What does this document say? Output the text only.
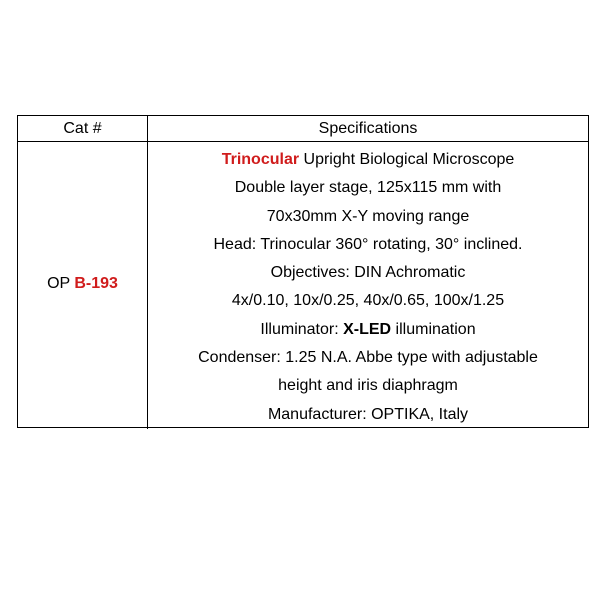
Cat #	Specifications
OP B-193
Trinocular Upright Biological Microscope
Double layer stage, 125x115 mm with
70x30mm X-Y moving range
Head: Trinocular 360° rotating, 30° inclined.
Objectives: DIN Achromatic
4x/0.10, 10x/0.25, 40x/0.65, 100x/1.25
Illuminator: X-LED illumination
Condenser: 1.25 N.A. Abbe type with adjustable
height and iris diaphragm
Manufacturer: OPTIKA, Italy
